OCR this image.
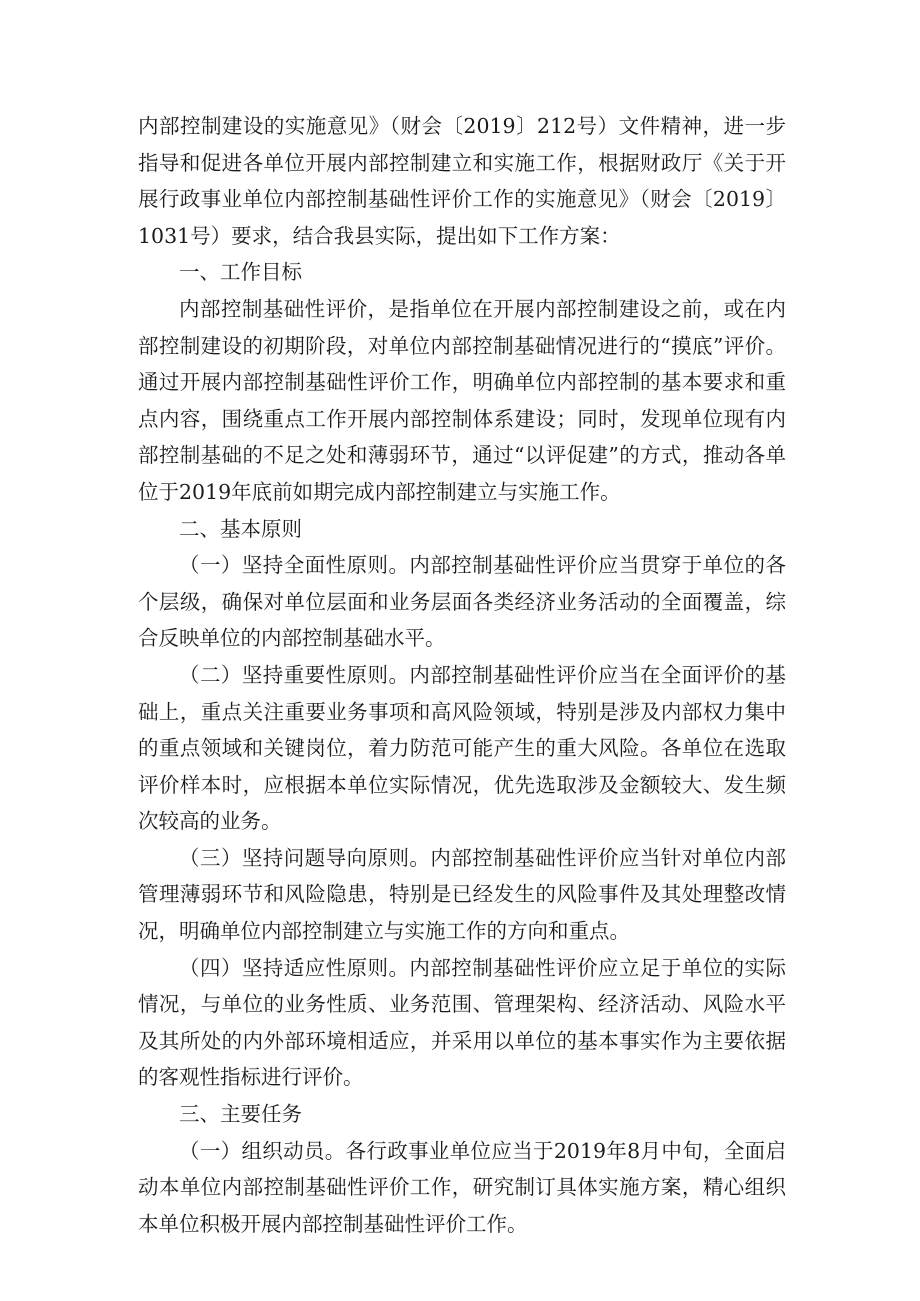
内部控制建设的实施意见》（财会〔2019〕212号）文件精神，进一步指导和促进各单位开展内部控制建立和实施工作，根据财政厅《关于开展行政事业单位内部控制基础性评价工作的实施意见》（财会〔2019〕1031号）要求，结合我县实际，提出如下工作方案：

一、工作目标

内部控制基础性评价，是指单位在开展内部控制建设之前，或在内部控制建设的初期阶段，对单位内部控制基础情况进行的“摸底”评价。通过开展内部控制基础性评价工作，明确单位内部控制的基本要求和重点内容，围绕重点工作开展内部控制体系建设；同时，发现单位现有内部控制基础的不足之处和薄弱环节，通过“以评促建”的方式，推动各单位于2019年底前如期完成内部控制建立与实施工作。

二、基本原则

（一）坚持全面性原则。内部控制基础性评价应当贯穿于单位的各个层级，确保对单位层面和业务层面各类经济业务活动的全面覆盖，综合反映单位的内部控制基础水平。

（二）坚持重要性原则。内部控制基础性评价应当在全面评价的基础上，重点关注重要业务事项和高风险领域，特别是涉及内部权力集中的重点领域和关键岗位，着力防范可能产生的重大风险。各单位在选取评价样本时，应根据本单位实际情况，优先选取涉及金额较大、发生频次较高的业务。

（三）坚持问题导向原则。内部控制基础性评价应当针对单位内部管理薄弱环节和风险隐患，特别是已经发生的风险事件及其处理整改情况，明确单位内部控制建立与实施工作的方向和重点。

（四）坚持适应性原则。内部控制基础性评价应立足于单位的实际情况，与单位的业务性质、业务范围、管理架构、经济活动、风险水平及其所处的内外部环境相适应，并采用以单位的基本事实作为主要依据的客观性指标进行评价。

三、主要任务

（一）组织动员。各行政事业单位应当于2019年8月中旬，全面启动本单位内部控制基础性评价工作，研究制订具体实施方案，精心组织本单位积极开展内部控制基础性评价工作。
